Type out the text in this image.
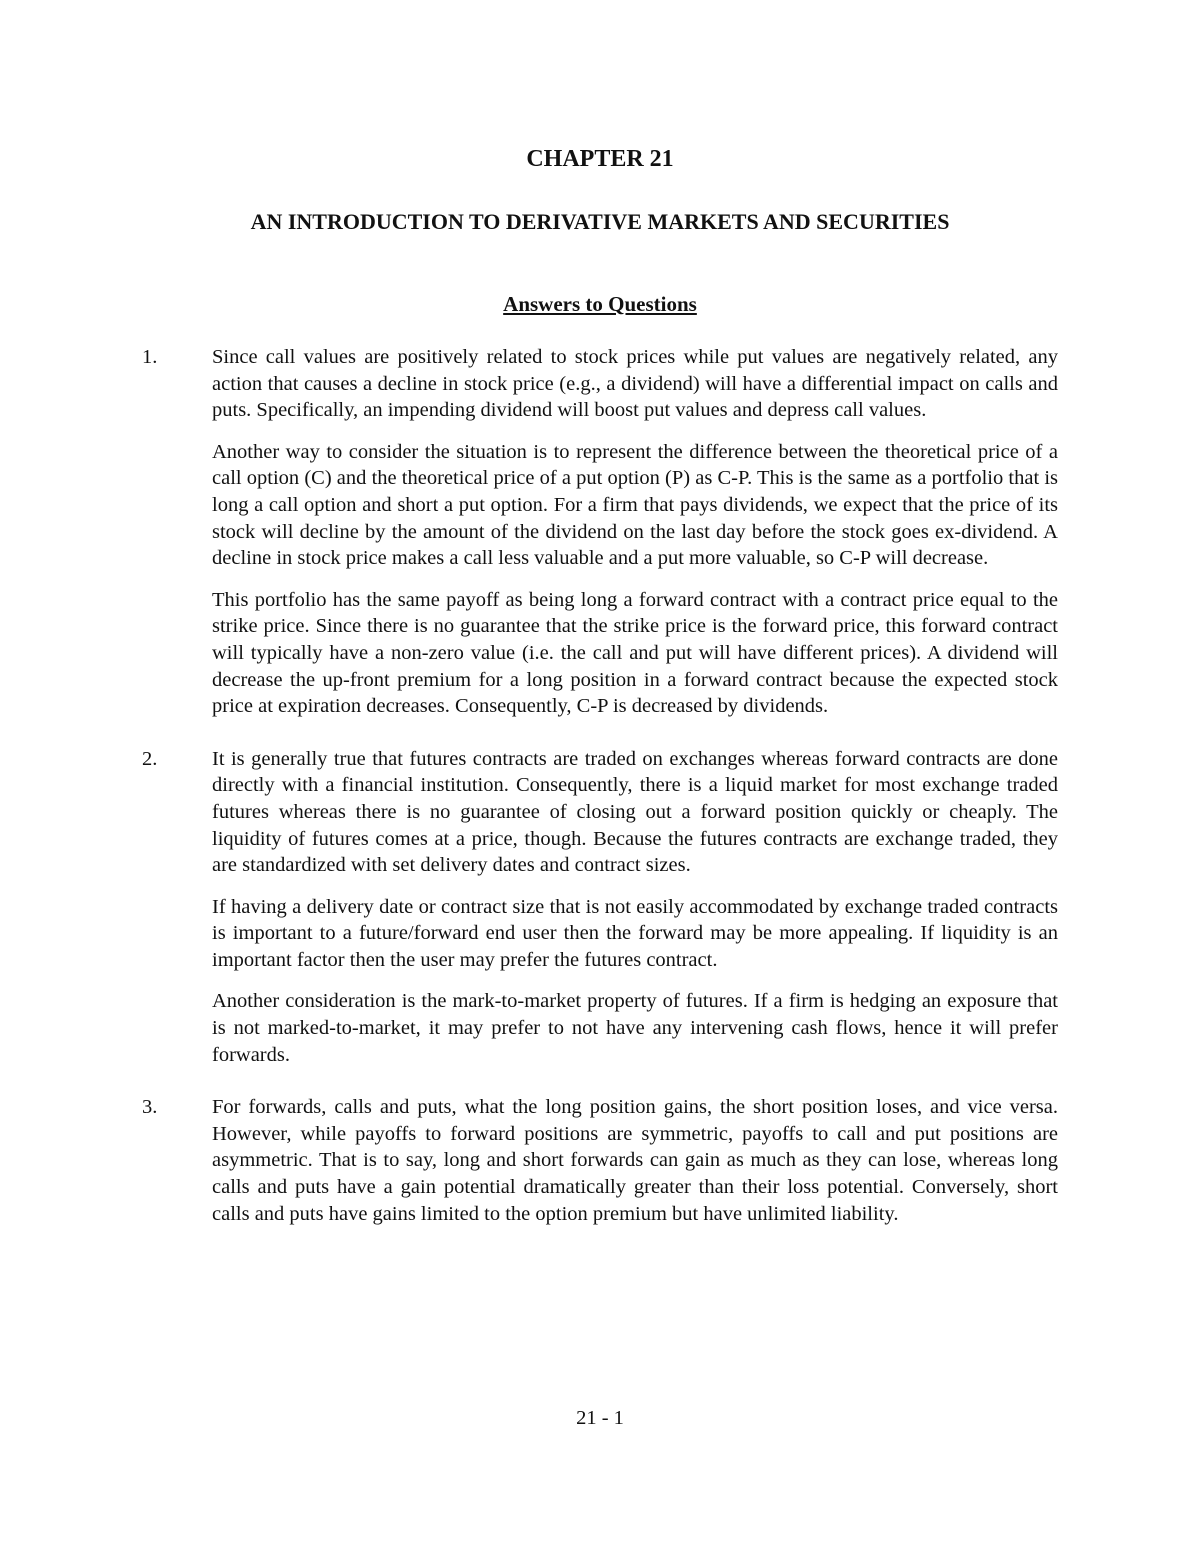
CHAPTER 21
AN INTRODUCTION TO DERIVATIVE MARKETS AND SECURITIES
Answers to Questions
1.	Since call values are positively related to stock prices while put values are negatively related, any action that causes a decline in stock price (e.g., a dividend) will have a differential impact on calls and puts. Specifically, an impending dividend will boost put values and depress call values.

Another way to consider the situation is to represent the difference between the theoretical price of a call option (C) and the theoretical price of a put option (P) as C-P. This is the same as a portfolio that is long a call option and short a put option. For a firm that pays dividends, we expect that the price of its stock will decline by the amount of the dividend on the last day before the stock goes ex-dividend. A decline in stock price makes a call less valuable and a put more valuable, so C-P will decrease.

This portfolio has the same payoff as being long a forward contract with a contract price equal to the strike price. Since there is no guarantee that the strike price is the forward price, this forward contract will typically have a non-zero value (i.e. the call and put will have different prices). A dividend will decrease the up-front premium for a long position in a forward contract because the expected stock price at expiration decreases. Consequently, C-P is decreased by dividends.

2.	It is generally true that futures contracts are traded on exchanges whereas forward contracts are done directly with a financial institution. Consequently, there is a liquid market for most exchange traded futures whereas there is no guarantee of closing out a forward position quickly or cheaply. The liquidity of futures comes at a price, though. Because the futures contracts are exchange traded, they are standardized with set delivery dates and contract sizes.

If having a delivery date or contract size that is not easily accommodated by exchange traded contracts is important to a future/forward end user then the forward may be more appealing. If liquidity is an important factor then the user may prefer the futures contract.

Another consideration is the mark-to-market property of futures. If a firm is hedging an exposure that is not marked-to-market, it may prefer to not have any intervening cash flows, hence it will prefer forwards.

3.	For forwards, calls and puts, what the long position gains, the short position loses, and vice versa. However, while payoffs to forward positions are symmetric, payoffs to call and put positions are asymmetric. That is to say, long and short forwards can gain as much as they can lose, whereas long calls and puts have a gain potential dramatically greater than their loss potential. Conversely, short calls and puts have gains limited to the option premium but have unlimited liability.

21 - 1
